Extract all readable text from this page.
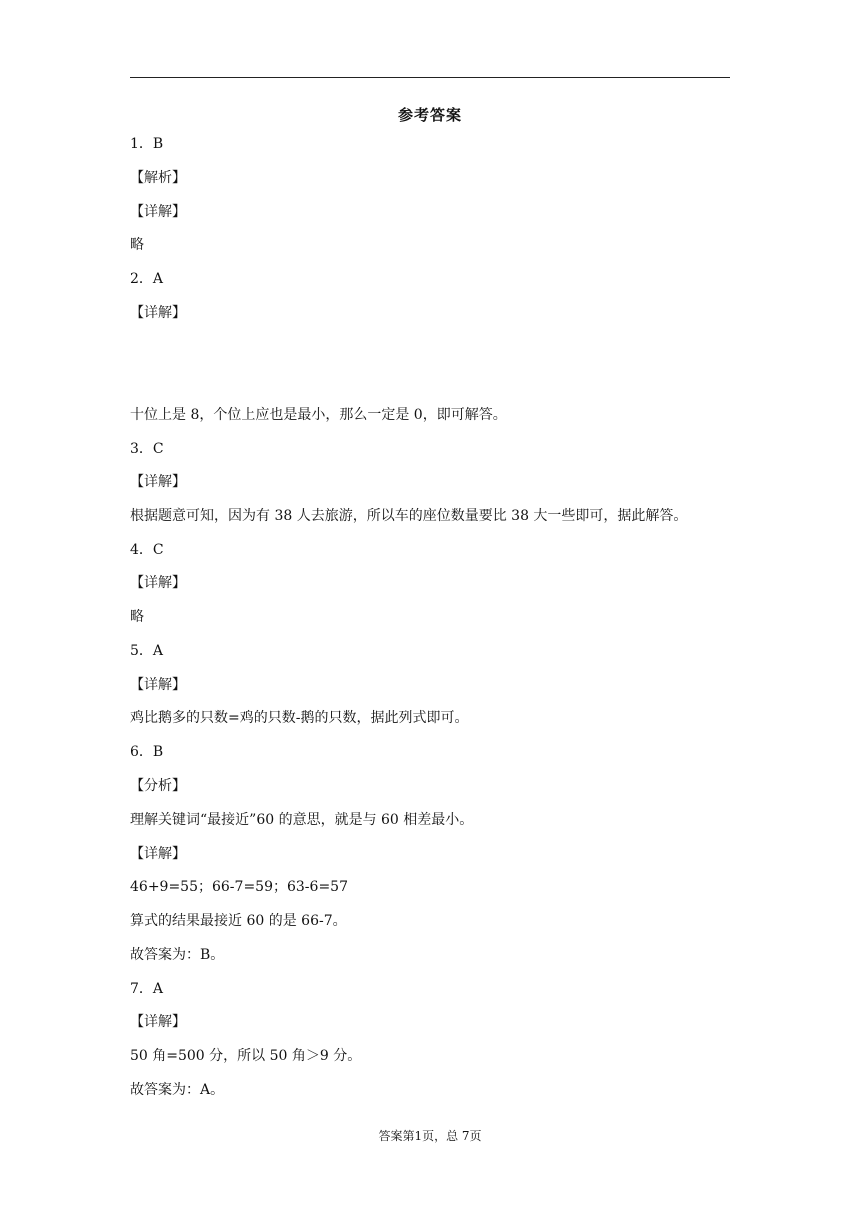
参考答案
1．B
【解析】
【详解】
略
2．A
【详解】
十位上是 8，个位上应也是最小，那么一定是 0，即可解答。
3．C
【详解】
根据题意可知，因为有 38 人去旅游，所以车的座位数量要比 38 大一些即可，据此解答。
4．C
【详解】
略
5．A
【详解】
鸡比鹅多的只数=鸡的只数-鹅的只数，据此列式即可。
6．B
【分析】
理解关键词“最接近”60 的意思，就是与 60 相差最小。
【详解】
46+9=55；66-7=59；63-6=57
算式的结果最接近 60 的是 66-7。
故答案为：B。
7．A
【详解】
50 角=500 分，所以 50 角＞9 分。
故答案为：A。
答案第1页，总 7页
